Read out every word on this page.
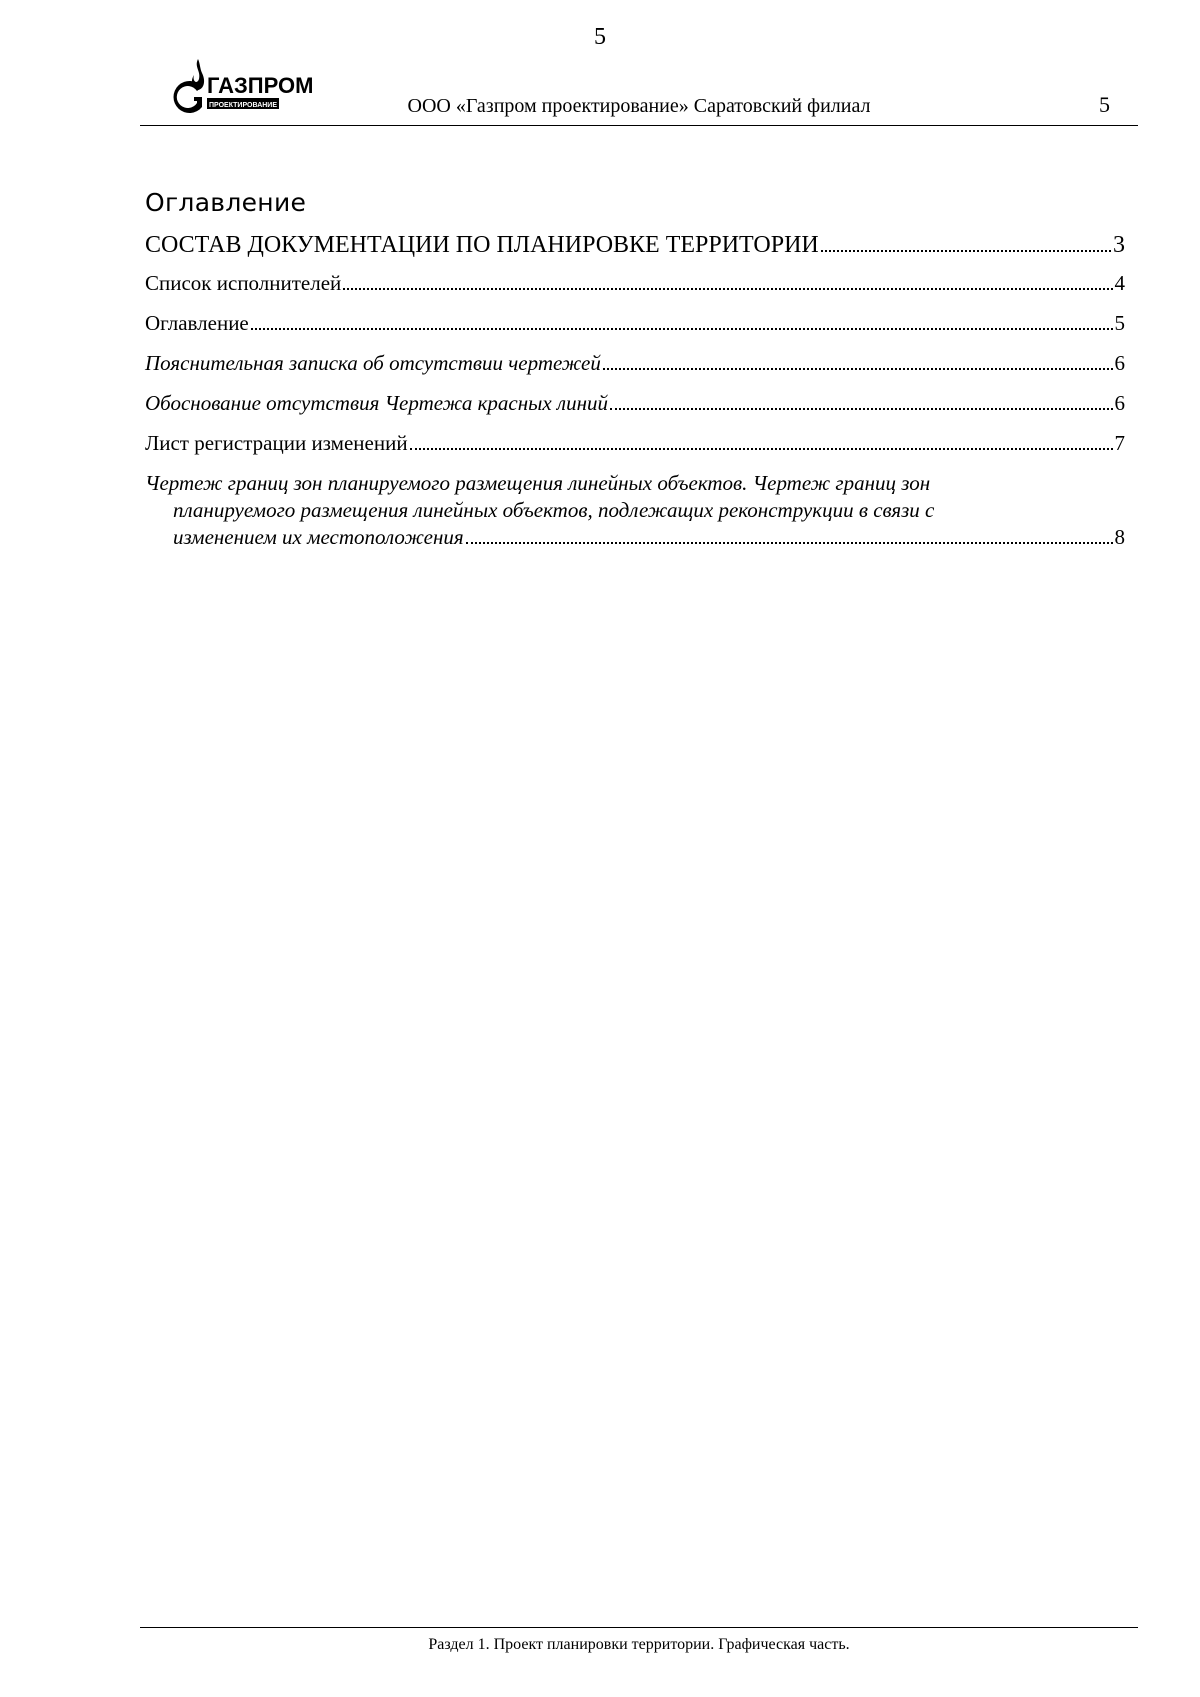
5
ГАЗПРОМ
ПРОЕКТИРОВАНИЕ	ООО «Газпром проектирование» Саратовский филиал	5
Оглавление
СОСТАВ ДОКУМЕНТАЦИИ ПО ПЛАНИРОВКЕ ТЕРРИТОРИИ	3
Список исполнителей	4
Оглавление	5
Пояснительная записка об отсутствии чертежей	6
Обоснование отсутствия Чертежа красных линий	6
Лист регистрации изменений	7
Чертеж границ зон планируемого размещения линейных объектов. Чертеж границ зон
планируемого размещения линейных объектов, подлежащих реконструкции в связи с
изменением их местоположения	8
Раздел 1. Проект планировки территории. Графическая часть.
